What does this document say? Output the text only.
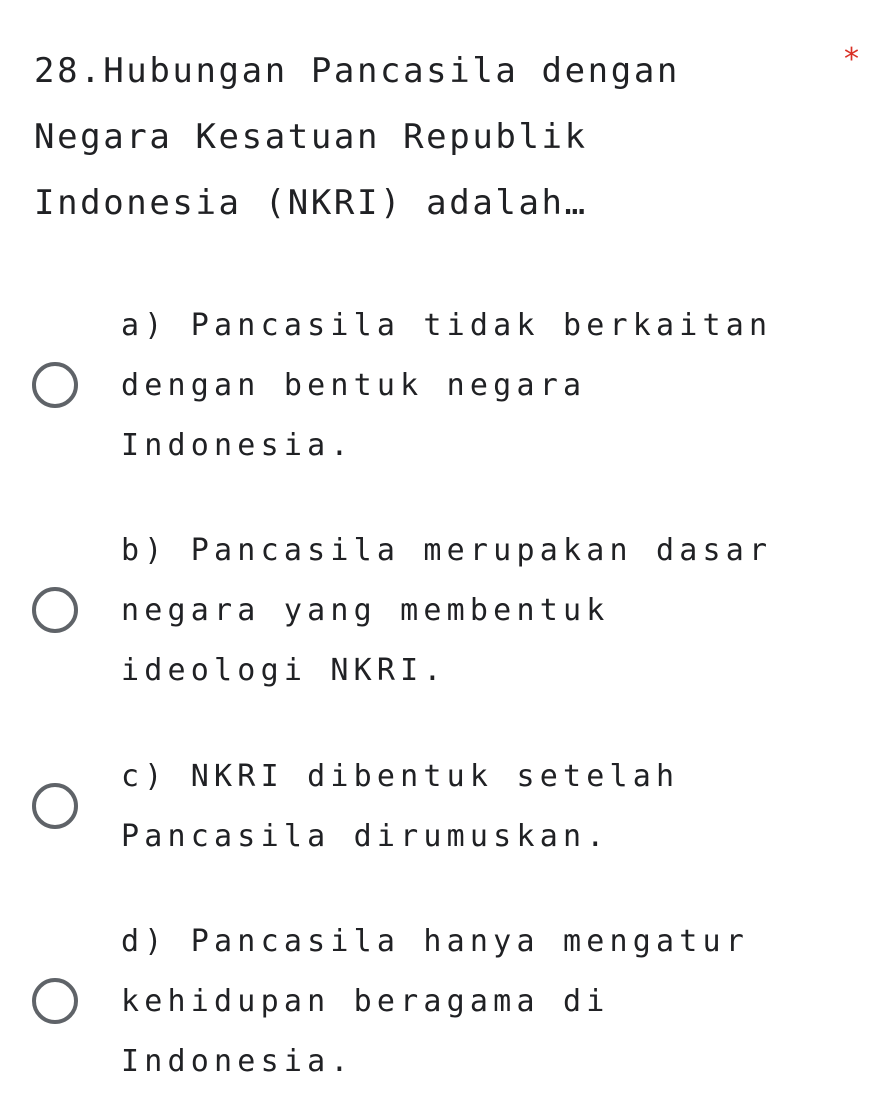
28.Hubungan Pancasila dengan
Negara Kesatuan Republik
Indonesia (NKRI) adalah…
*
a) Pancasila tidak berkaitan
dengan bentuk negara
Indonesia.
b) Pancasila merupakan dasar
negara yang membentuk
ideologi NKRI.
c) NKRI dibentuk setelah
Pancasila dirumuskan.
d) Pancasila hanya mengatur
kehidupan beragama di
Indonesia.
